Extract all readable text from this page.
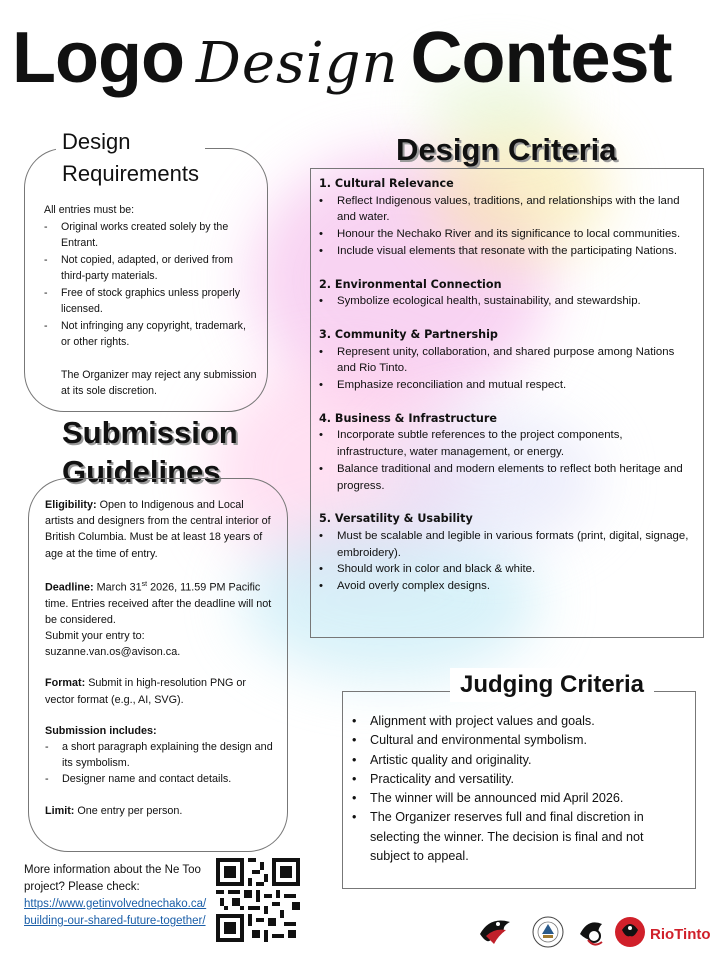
Logo Design Contest
Design
Requirements
All entries must be:
-	Original works created solely by the Entrant.
-	Not copied, adapted, or derived from third-party materials.
-	Free of stock graphics unless properly licensed.
-	Not infringing any copyright, trademark, or other rights.
The Organizer may reject any submission at its sole discretion.
Submission
Guidelines

Eligibility: Open to Indigenous and Local artists and designers from the central interior of British Columbia. Must be at least 18 years of age at the time of entry.

Deadline: March 31st 2026, 11.59 PM Pacific time. Entries received after the deadline will not be considered.

Submit your entry to:

suzanne.van.os@avison.ca.

Format: Submit in high-resolution PNG or vector format (e.g., AI, SVG).

Submission includes:

-	a short paragraph explaining the design and its symbolism.
-	Designer name and contact details.

Limit: One entry per person.

Design Criteria
1. Cultural Relevance
•	Reflect Indigenous values, traditions, and relationships with the land and water.
•	Honour the Nechako River and its significance to local communities.
•	Include visual elements that resonate with the participating Nations.
2. Environmental Connection
•	Symbolize ecological health, sustainability, and stewardship.
3. Community & Partnership
•	Represent unity, collaboration, and shared purpose among Nations and Rio Tinto.
•	Emphasize reconciliation and mutual respect.
4. Business & Infrastructure
•	Incorporate subtle references to the project components, infrastructure, water management, or energy.
•	Balance traditional and modern elements to reflect both heritage and progress.
5. Versatility & Usability
•	Must be scalable and legible in various formats (print, digital, signage, embroidery).
•	Should work in color and black & white.
•	Avoid overly complex designs.
Judging Criteria
•	Alignment with project values and goals.
•	Cultural and environmental symbolism.
•	Artistic quality and originality.
•	Practicality and versatility.
•	The winner will be announced mid April 2026.
•	The Organizer reserves full and final discretion in selecting the winner. The decision is final and not subject to appeal.
More information about the Ne Too project? Please check:
https://www.getinvolvednechako.ca/building-our-shared-future-together/
RioTinto
